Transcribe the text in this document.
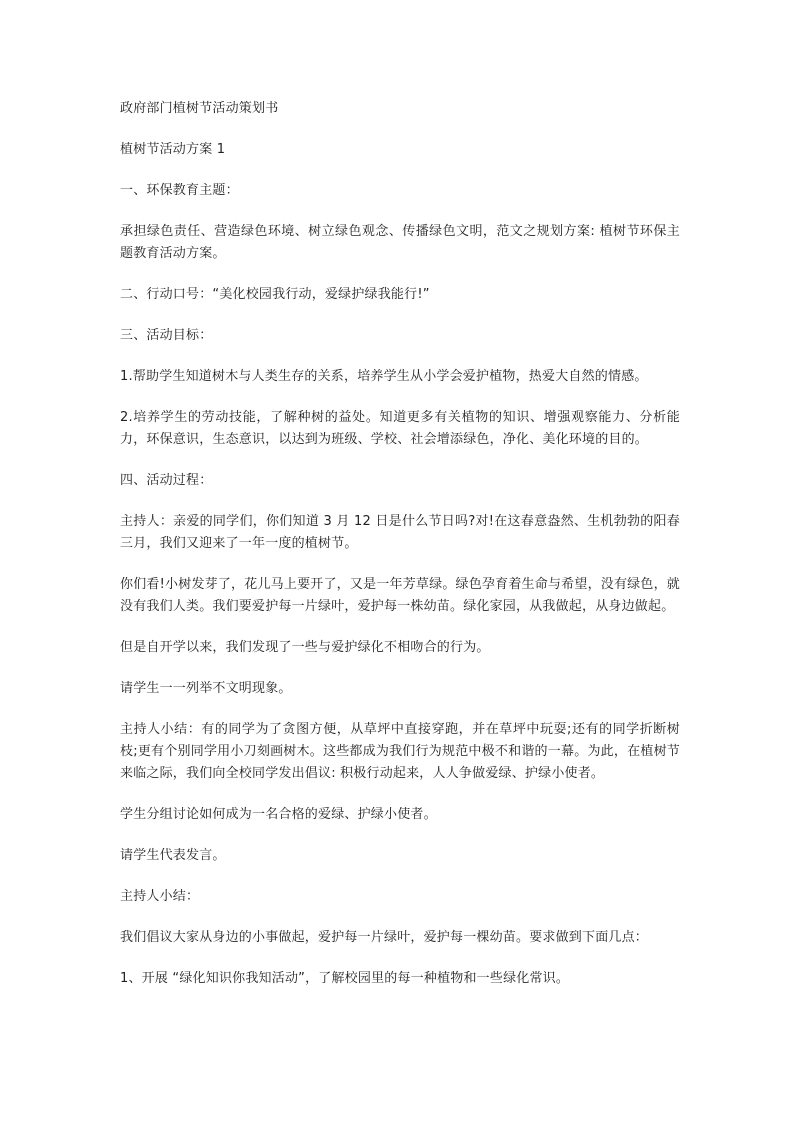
政府部门植树节活动策划书

植树节活动方案 1

一、环保教育主题：

承担绿色责任、营造绿色环境、树立绿色观念、传播绿色文明，范文之规划方案: 植树节环保主题教育活动方案。

二、行动口号：“美化校园我行动，爱绿护绿我能行!”

三、活动目标：

1.帮助学生知道树木与人类生存的关系，培养学生从小学会爱护植物，热爱大自然的情感。

2.培养学生的劳动技能，了解种树的益处。知道更多有关植物的知识、增强观察能力、分析能力，环保意识，生态意识，以达到为班级、学校、社会增添绿色，净化、美化环境的目的。

四、活动过程：

主持人：亲爱的同学们，你们知道 3 月 12 日是什么节日吗?对!在这春意盎然、生机勃勃的阳春三月，我们又迎来了一年一度的植树节。

你们看!小树发芽了，花儿马上要开了，又是一年芳草绿。绿色孕育着生命与希望，没有绿色，就没有我们人类。我们要爱护每一片绿叶，爱护每一株幼苗。绿化家园，从我做起，从身边做起。

但是自开学以来，我们发现了一些与爱护绿化不相吻合的行为。

请学生一一列举不文明现象。

主持人小结：有的同学为了贪图方便，从草坪中直接穿跑，并在草坪中玩耍;还有的同学折断树枝;更有个别同学用小刀刻画树木。这些都成为我们行为规范中极不和谐的一幕。为此，在植树节来临之际，我们向全校同学发出倡议: 积极行动起来，人人争做爱绿、护绿小使者。

学生分组讨论如何成为一名合格的爱绿、护绿小使者。

请学生代表发言。

主持人小结：

我们倡议大家从身边的小事做起，爱护每一片绿叶，爱护每一棵幼苗。要求做到下面几点：

1、开展 “绿化知识你我知活动”，了解校园里的每一种植物和一些绿化常识。
